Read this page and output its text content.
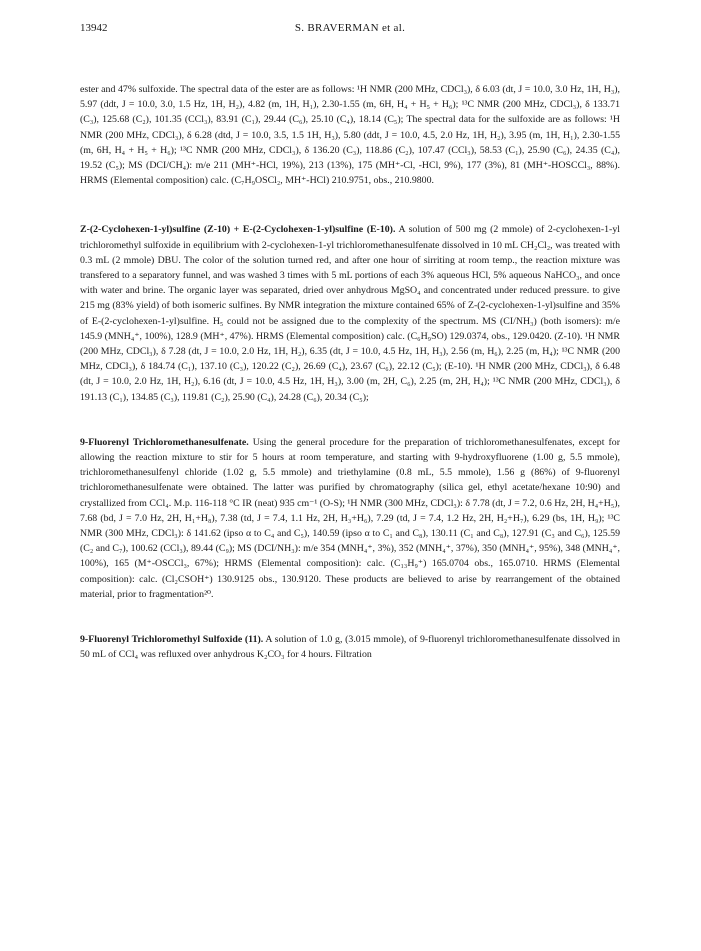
13942	S. BRAVERMAN et al.

ester and 47% sulfoxide. The spectral data of the ester are as follows: ¹H NMR (200 MHz, CDCl₃), δ 6.03 (dt, J = 10.0, 3.0 Hz, 1H, H₃), 5.97 (ddt, J = 10.0, 3.0, 1.5 Hz, 1H, H₂), 4.82 (m, 1H, H₁), 2.30-1.55 (m, 6H, H₄ + H₅ + H₆); ¹³C NMR (200 MHz, CDCl₃), δ 133.71 (C₃), 125.68 (C₂), 101.35 (CCl₃), 83.91 (C₁), 29.44 (C₆), 25.10 (C₄), 18.14 (C₅); The spectral data for the sulfoxide are as follows: ¹H NMR (200 MHz, CDCl₃), δ 6.28 (dtd, J = 10.0, 3.5, 1.5 1H, H₃), 5.80 (ddt, J = 10.0, 4.5, 2.0 Hz, 1H, H₂), 3.95 (m, 1H, H₁), 2.30-1.55 (m, 6H, H₄ + H₅ + H₆); ¹³C NMR (200 MHz, CDCl₃), δ 136.20 (C₃), 118.86 (C₂), 107.47 (CCl₃), 58.53 (C₁), 25.90 (C₆), 24.35 (C₄), 19.52 (C₅); MS (DCI/CH₄): m/e 211 (MH⁺-HCl, 19%), 213 (13%), 175 (MH⁺-Cl, -HCl, 9%), 177 (3%), 81 (MH⁺-HOSCCl₃, 88%). HRMS (Elemental composition) calc. (C₇H₉OSCl₂, MH⁺-HCl) 210.9751, obs., 210.9800.

Z-(2-Cyclohexen-1-yl)sulfine (Z-10) + E-(2-Cyclohexen-1-yl)sulfine (E-10). A solution of 500 mg (2 mmole) of 2-cyclohexen-1-yl trichloromethyl sulfoxide in equilibrium with 2-cyclohexen-1-yl trichloromethanesulfenate dissolved in 10 mL CH₂Cl₂, was treated with 0.3 mL (2 mmole) DBU. The color of the solution turned red, and after one hour of sirriting at room temp., the reaction mixture was transfered to a separatory funnel, and was washed 3 times with 5 mL portions of each 3% aqueous HCl, 5% aqueous NaHCO₃, and once with water and brine. The organic layer was separated, dried over anhydrous MgSO₄ and concentrated under reduced pressure. to give 215 mg (83% yield) of both isomeric sulfines. By NMR integration the mixture contained 65% of Z-(2-cyclohexen-1-yl)sulfine and 35% of E-(2-cyclohexen-1-yl)sulfine. H₅ could not be assigned due to the complexity of the spectrum. MS (CI/NH₃) (both isomers): m/e 145.9 (MNH₄⁺, 100%), 128.9 (MH⁺, 47%). HRMS (Elemental composition) calc. (C₆H₉SO) 129.0374, obs., 129.0420. (Z-10). ¹H NMR (200 MHz, CDCl₃), δ 7.28 (dt, J = 10.0, 2.0 Hz, 1H, H₂), 6.35 (dt, J = 10.0, 4.5 Hz, 1H, H₃), 2.56 (m, H₆), 2.25 (m, H₄); ¹³C NMR (200 MHz, CDCl₃), δ 184.74 (C₁), 137.10 (C₃), 120.22 (C₂), 26.69 (C₄), 23.67 (C₆), 22.12 (C₅); (E-10). ¹H NMR (200 MHz, CDCl₃), δ 6.48 (dt, J = 10.0, 2.0 Hz, 1H, H₂), 6.16 (dt, J = 10.0, 4.5 Hz, 1H, H₃), 3.00 (m, 2H, C₆), 2.25 (m, 2H, H₄); ¹³C NMR (200 MHz, CDCl₃), δ 191.13 (C₁), 134.85 (C₃), 119.81 (C₂), 25.90 (C₄), 24.28 (C₆), 20.34 (C₅);

9-Fluorenyl Trichloromethanesulfenate. Using the general procedure for the preparation of trichloromethanesulfenates, except for allowing the reaction mixture to stir for 5 hours at room temperature, and starting with 9-hydroxyfluorene (1.00 g, 5.5 mmole), trichloromethanesulfenyl chloride (1.02 g, 5.5 mmole) and triethylamine (0.8 mL, 5.5 mmole), 1.56 g (86%) of 9-fluorenyl trichloromethanesulfenate were obtained. The latter was purified by chromatography (silica gel, ethyl acetate/hexane 10:90) and crystallized from CCl₄. M.p. 116-118 °C IR (neat) 935 cm⁻¹ (O-S); ¹H NMR (300 MHz, CDCl₃): δ 7.78 (dt, J = 7.2, 0.6 Hz, 2H, H₄+H₅), 7.68 (bd, J = 7.0 Hz, 2H, H₁+H₈), 7.38 (td, J = 7.4, 1.1 Hz, 2H, H₃+H₆), 7.29 (td, J = 7.4, 1.2 Hz, 2H, H₂+H₇), 6.29 (bs, 1H, H₉); ¹³C NMR (300 MHz, CDCl₃): δ 141.62 (ipso α to C₄ and C₅), 140.59 (ipso α to C₁ and C₈), 130.11 (C₁ and C₈), 127.91 (C₃ and C₆), 125.59 (C₂ and C₇), 100.62 (CCl₃), 89.44 (C₉); MS (DCI/NH₃): m/e 354 (MNH₄⁺, 3%), 352 (MNH₄⁺, 37%), 350 (MNH₄⁺, 95%), 348 (MNH₄⁺, 100%), 165 (M⁺-OSCCl₃, 67%); HRMS (Elemental composition): calc. (C₁₃H₉⁺) 165.0704 obs., 165.0710. HRMS (Elemental composition): calc. (Cl₂CSOH⁺) 130.9125 obs., 130.9120. These products are believed to arise by rearrangement of the obtained material, prior to fragmentation²⁰.

9-Fluorenyl Trichloromethyl Sulfoxide (11). A solution of 1.0 g, (3.015 mmole), of 9-fluorenyl trichloromethanesulfenate dissolved in 50 mL of CCl₄ was refluxed over anhydrous K₂CO₃ for 4 hours. Filtration
